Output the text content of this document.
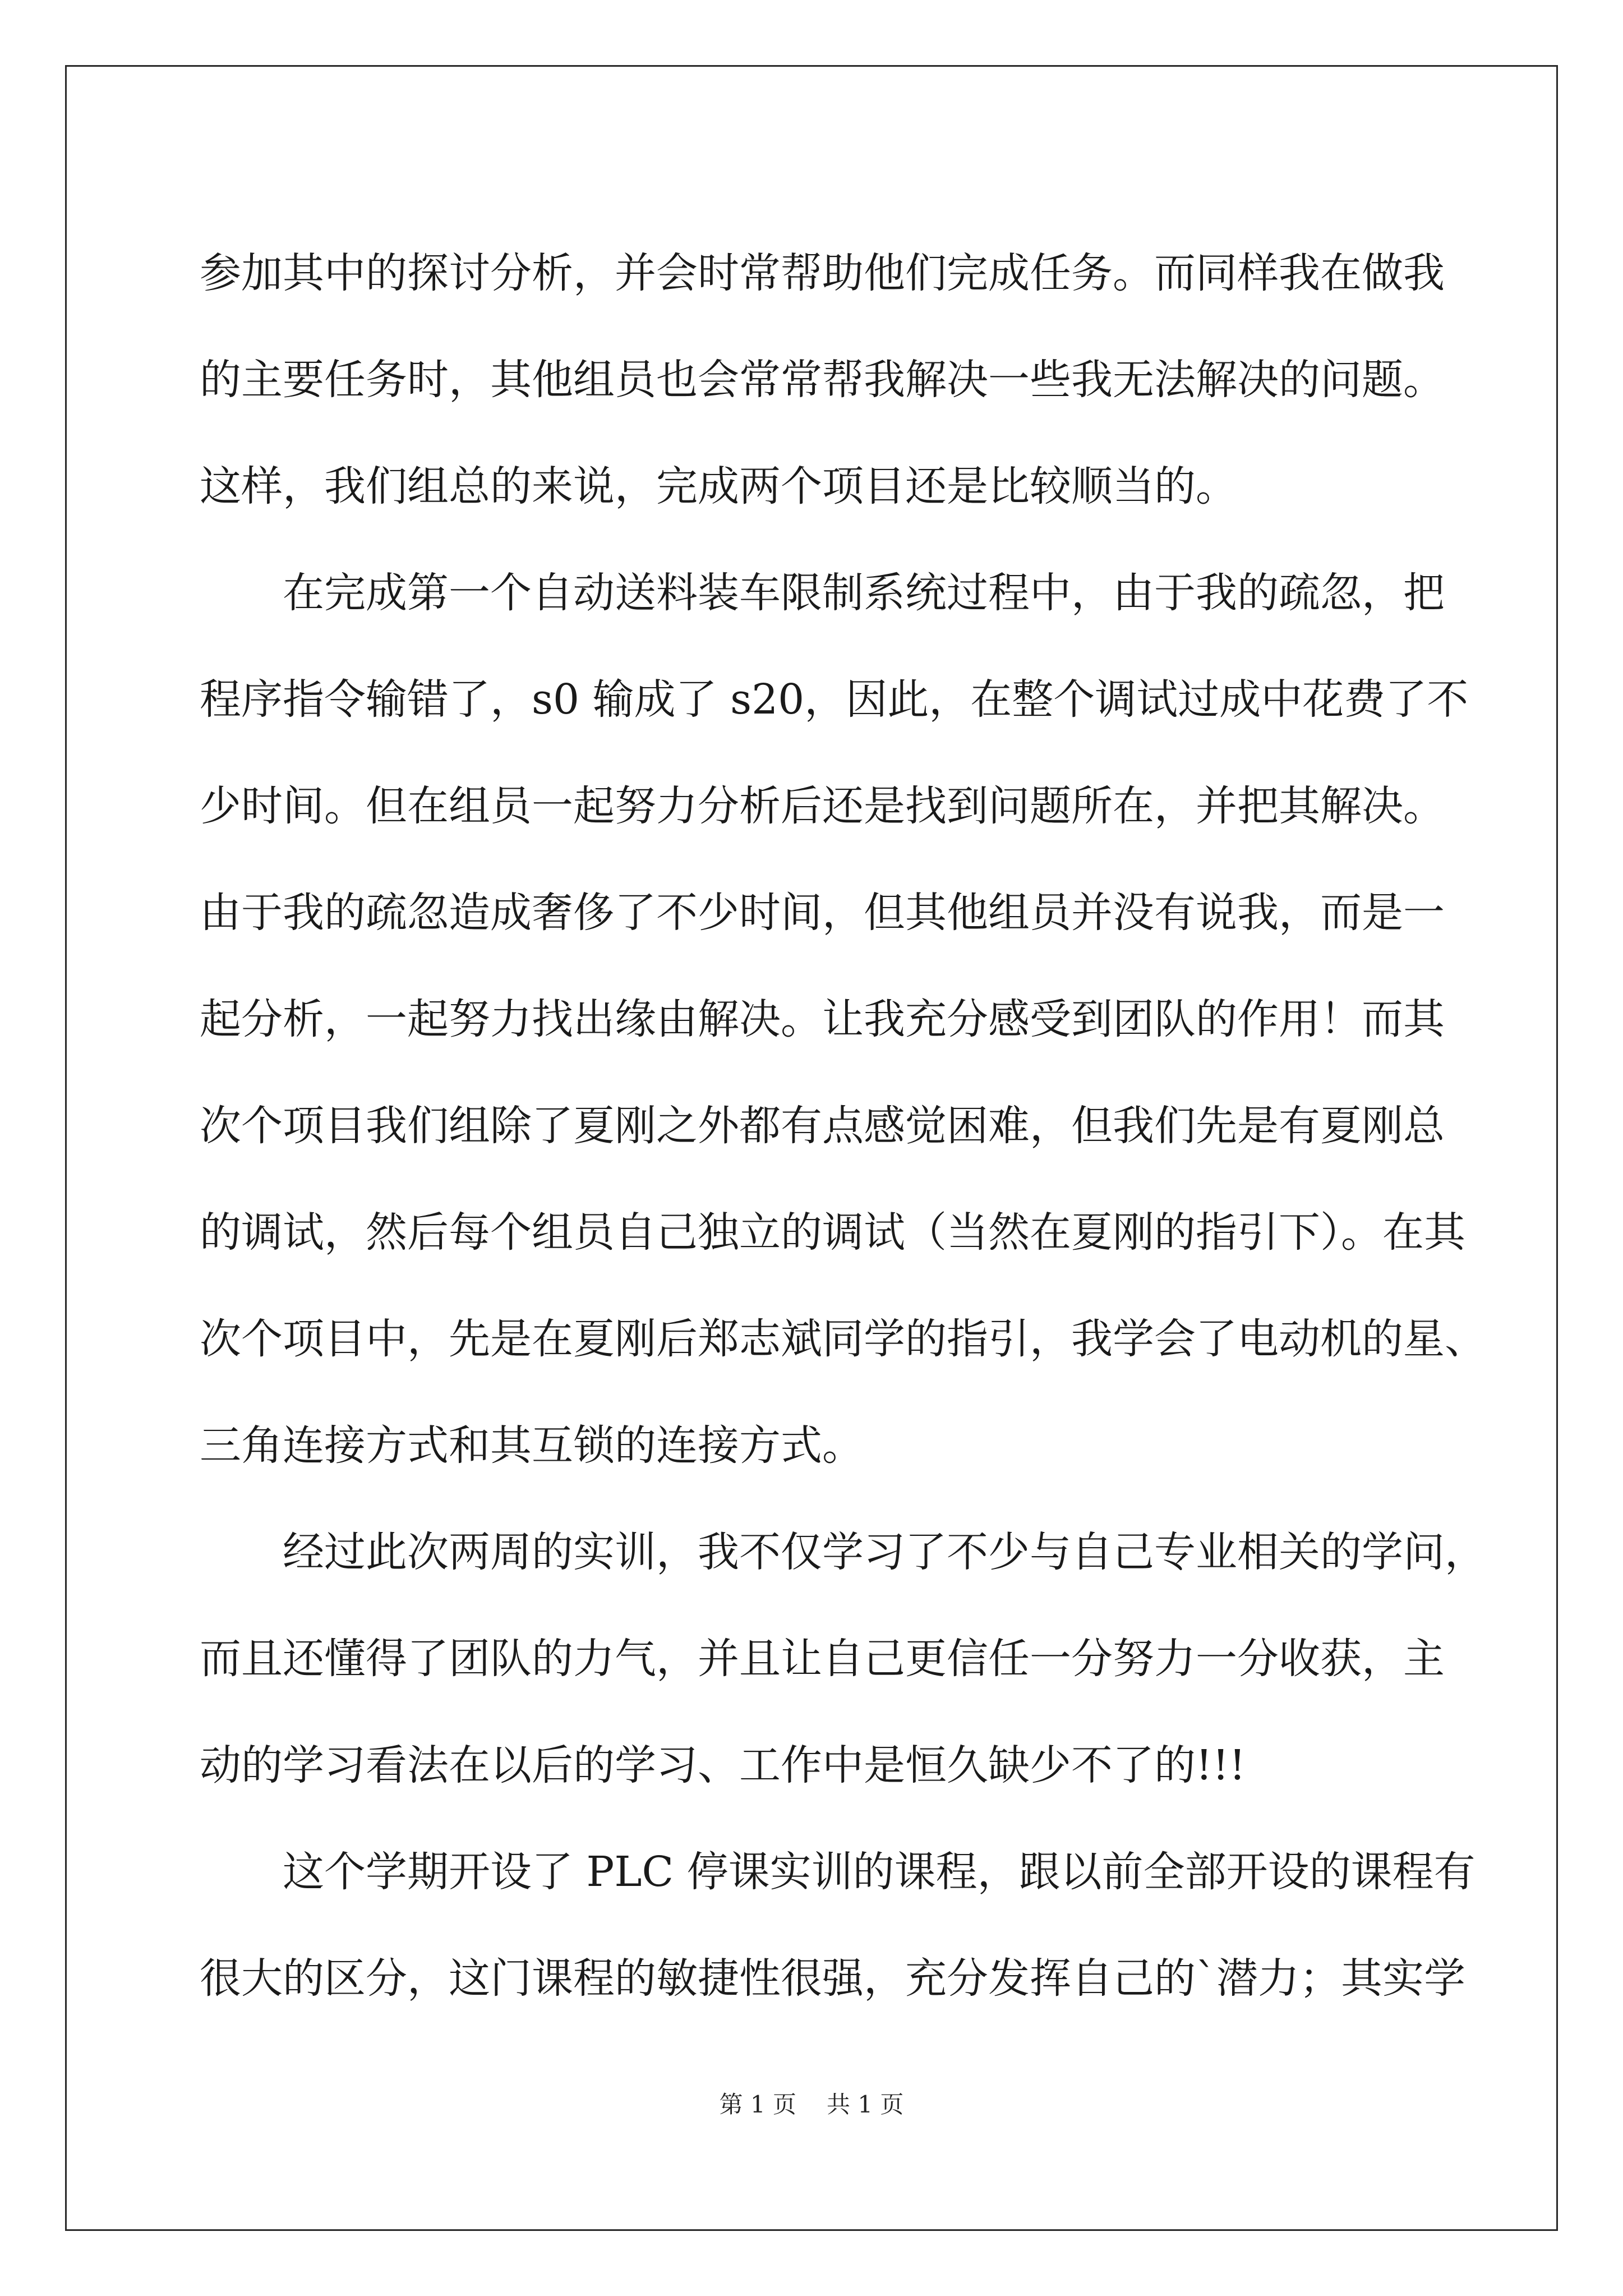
参加其中的探讨分析，并会时常帮助他们完成任务。而同样我在做我
的主要任务时，其他组员也会常常帮我解决一些我无法解决的问题。
这样，我们组总的来说，完成两个项目还是比较顺当的。
在完成第一个自动送料装车限制系统过程中，由于我的疏忽，把
程序指令输错了，s0 输成了 s20，因此，在整个调试过成中花费了不
少时间。但在组员一起努力分析后还是找到问题所在，并把其解决。
由于我的疏忽造成奢侈了不少时间，但其他组员并没有说我，而是一
起分析，一起努力找出缘由解决。让我充分感受到团队的作用！而其
次个项目我们组除了夏刚之外都有点感觉困难，但我们先是有夏刚总
的调试，然后每个组员自己独立的调试（当然在夏刚的指引下）。在其
次个项目中，先是在夏刚后郑志斌同学的指引，我学会了电动机的星、
三角连接方式和其互锁的连接方式。
经过此次两周的实训，我不仅学习了不少与自己专业相关的学问，
而且还懂得了团队的力气，并且让自己更信任一分努力一分收获，主
动的学习看法在以后的学习、工作中是恒久缺少不了的!!!
这个学期开设了 PLC 停课实训的课程，跟以前全部开设的课程有
很大的区分，这门课程的敏捷性很强，充分发挥自己的`潜力；其实学
第 1 页 共 1 页
